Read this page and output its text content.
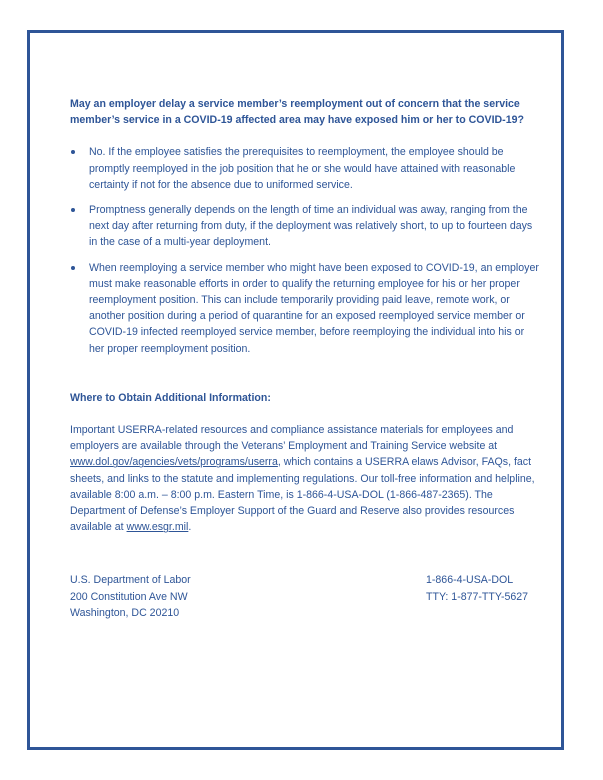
May an employer delay a service member’s reemployment out of concern that the service member’s service in a COVID-19 affected area may have exposed him or her to COVID-19?

No. If the employee satisfies the prerequisites to reemployment, the employee should be promptly reemployed in the job position that he or she would have attained with reasonable certainty if not for the absence due to uniformed service.
Promptness generally depends on the length of time an individual was away, ranging from the next day after returning from duty, if the deployment was relatively short, to up to fourteen days in the case of a multi-year deployment.
When reemploying a service member who might have been exposed to COVID-19, an employer must make reasonable efforts in order to qualify the returning employee for his or her proper reemployment position. This can include temporarily providing paid leave, remote work, or another position during a period of quarantine for an exposed reemployed service member or COVID-19 infected reemployed service member, before reemploying the individual into his or her proper reemployment position.

Where to Obtain Additional Information:

Important USERRA-related resources and compliance assistance materials for employees and employers are available through the Veterans’ Employment and Training Service website at www.dol.gov/agencies/vets/programs/userra, which contains a USERRA elaws Advisor, FAQs, fact sheets, and links to the statute and implementing regulations. Our toll-free information and helpline, available 8:00 a.m. – 8:00 p.m. Eastern Time, is 1-866-4-USA-DOL (1-866-487-2365). The Department of Defense’s Employer Support of the Guard and Reserve also provides resources available at www.esgr.mil.

U.S. Department of Labor
200 Constitution Ave NW
Washington, DC 20210
1-866-4-USA-DOL
TTY: 1-877-TTY-5627
